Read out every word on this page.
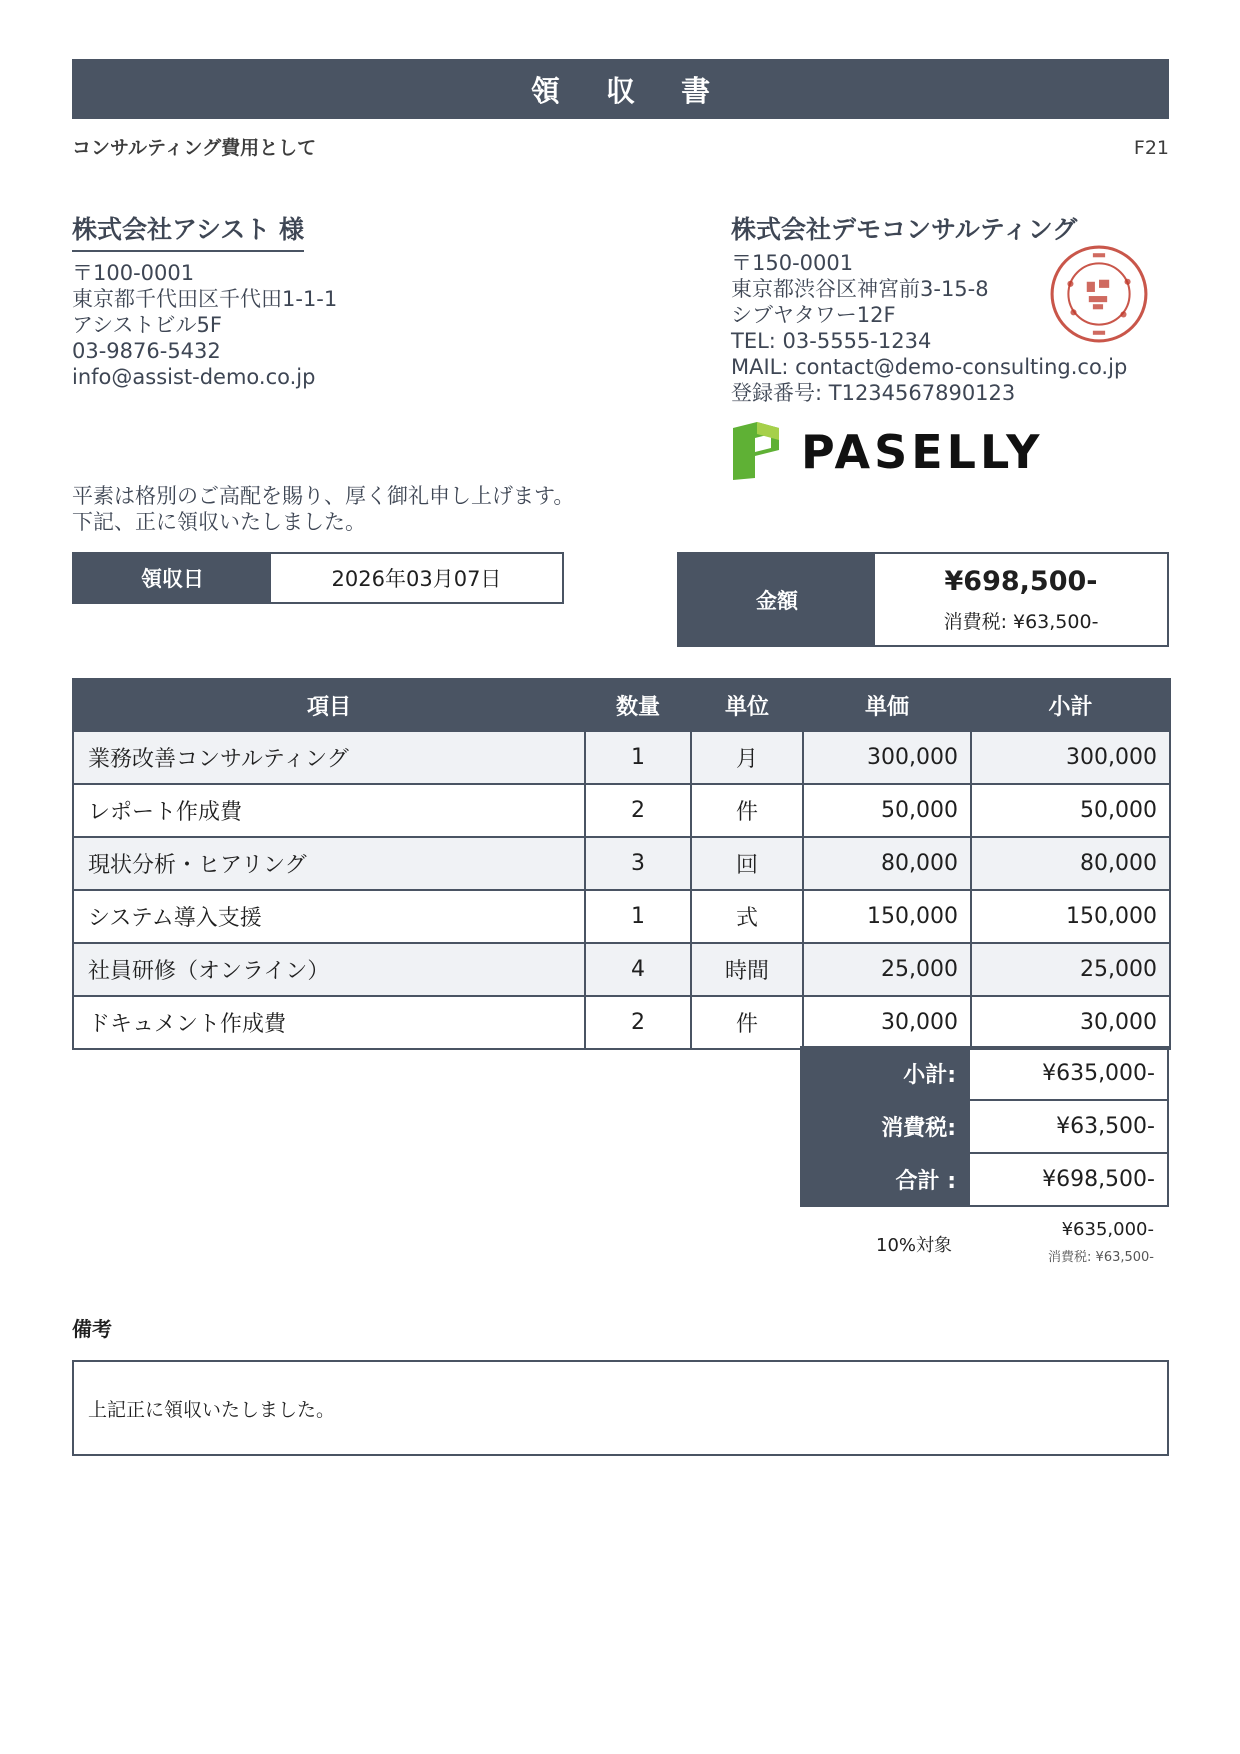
領 収 書
コンサルティング費用として	F21
株式会社アシスト 様
〒100-0001
東京都千代田区千代田1-1-1
アシストビル5F
03-9876-5432
info@assist-demo.co.jp
株式会社デモコンサルティング
〒150-0001
東京都渋谷区神宮前3-15-8
シブヤタワー12F
TEL: 03-5555-1234
MAIL: contact@demo-consulting.co.jp
登録番号: T1234567890123
PASELLY
平素は格別のご高配を賜り、厚く御礼申し上げます。
下記、正に領収いたしました。
領収日	2026年03月07日
金額
¥698,500-
消費税: ¥63,500-
項目	数量	単位	単価	小計
業務改善コンサルティング	1	月	300,000	300,000
レポート作成費	2	件	50,000	50,000
現状分析・ヒアリング	3	回	80,000	80,000
システム導入支援	1	式	150,000	150,000
社員研修（オンライン）	4	時間	25,000	25,000
ドキュメント作成費	2	件	30,000	30,000
小計:	¥635,000-
消費税:	¥63,500-
合計 :	¥698,500-
10%対象
¥635,000-
消費税: ¥63,500-
備考
上記正に領収いたしました。
